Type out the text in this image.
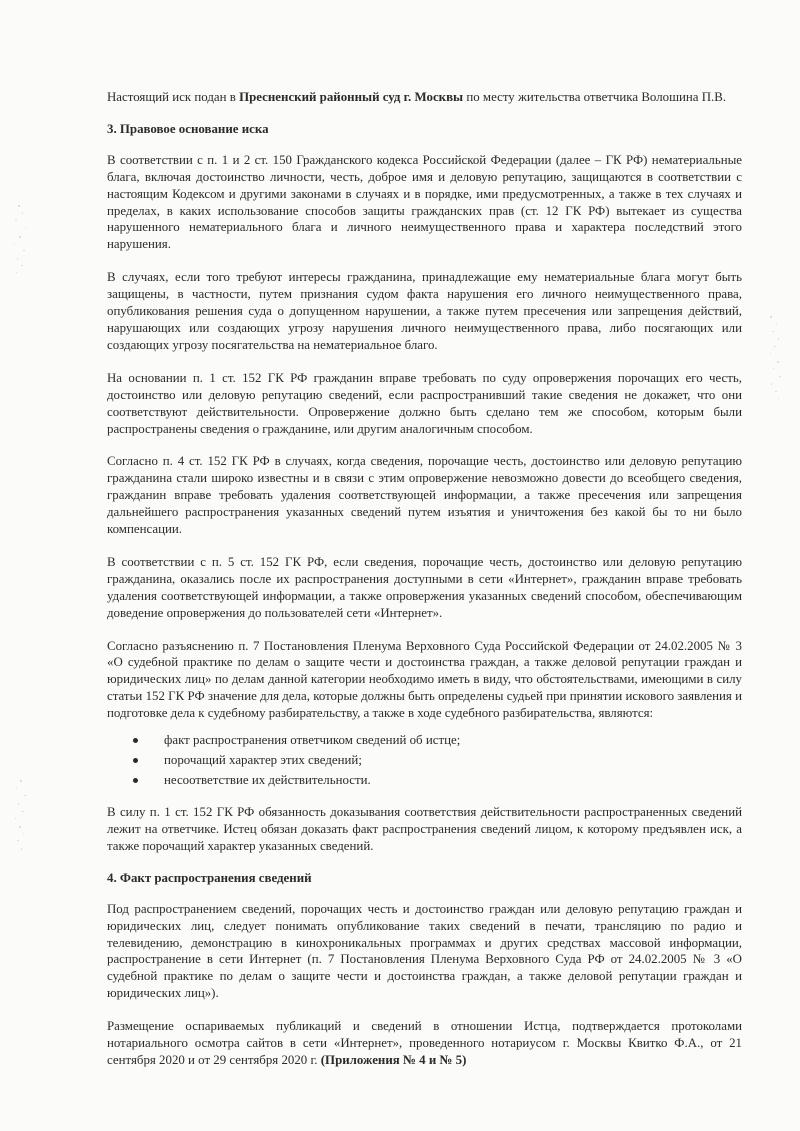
Настоящий иск подан в Пресненский районный суд г. Москвы по месту жительства ответчика Волошина П.В.

3. Правовое основание иска

В соответствии с п. 1 и 2 ст. 150 Гражданского кодекса Российской Федерации (далее – ГК РФ) нематериальные блага, включая достоинство личности, честь, доброе имя и деловую репутацию, защищаются в соответствии с настоящим Кодексом и другими законами в случаях и в порядке, ими предусмотренных, а также в тех случаях и пределах, в каких использование способов защиты гражданских прав (ст. 12 ГК РФ) вытекает из существа нарушенного нематериального блага и личного неимущественного права и характера последствий этого нарушения.

В случаях, если того требуют интересы гражданина, принадлежащие ему нематериальные блага могут быть защищены, в частности, путем признания судом факта нарушения его личного неимущественного права, опубликования решения суда о допущенном нарушении, а также путем пресечения или запрещения действий, нарушающих или создающих угрозу нарушения личного неимущественного права, либо посягающих или создающих угрозу посягательства на нематериальное благо.

На основании п. 1 ст. 152 ГК РФ гражданин вправе требовать по суду опровержения порочащих его честь, достоинство или деловую репутацию сведений, если распространивший такие сведения не докажет, что они соответствуют действительности. Опровержение должно быть сделано тем же способом, которым были распространены сведения о гражданине, или другим аналогичным способом.

Согласно п. 4 ст. 152 ГК РФ в случаях, когда сведения, порочащие честь, достоинство или деловую репутацию гражданина стали широко известны и в связи с этим опровержение невозможно довести до всеобщего сведения, гражданин вправе требовать удаления соответствующей информации, а также пресечения или запрещения дальнейшего распространения указанных сведений путем изъятия и уничтожения без какой бы то ни было компенсации.

В соответствии с п. 5 ст. 152 ГК РФ, если сведения, порочащие честь, достоинство или деловую репутацию гражданина, оказались после их распространения доступными в сети «Интернет», гражданин вправе требовать удаления соответствующей информации, а также опровержения указанных сведений способом, обеспечивающим доведение опровержения до пользователей сети «Интернет».

Согласно разъяснению п. 7 Постановления Пленума Верховного Суда Российской Федерации от 24.02.2005 № 3 «О судебной практике по делам о защите чести и достоинства граждан, а также деловой репутации граждан и юридических лиц» по делам данной категории необходимо иметь в виду, что обстоятельствами, имеющими в силу статьи 152 ГК РФ значение для дела, которые должны быть определены судьей при принятии искового заявления и подготовке дела к судебному разбирательству, а также в ходе судебного разбирательства, являются:

факт распространения ответчиком сведений об истце;
порочащий характер этих сведений;
несоответствие их действительности.

В силу п. 1 ст. 152 ГК РФ обязанность доказывания соответствия действительности распространенных сведений лежит на ответчике. Истец обязан доказать факт распространения сведений лицом, к которому предъявлен иск, а также порочащий характер указанных сведений.

4. Факт распространения сведений

Под распространением сведений, порочащих честь и достоинство граждан или деловую репутацию граждан и юридических лиц, следует понимать опубликование таких сведений в печати, трансляцию по радио и телевидению, демонстрацию в кинохроникальных программах и других средствах массовой информации, распространение в сети Интернет (п. 7 Постановления Пленума Верховного Суда РФ от 24.02.2005 № 3 «О судебной практике по делам о защите чести и достоинства граждан, а также деловой репутации граждан и юридических лиц»).

Размещение оспариваемых публикаций и сведений в отношении Истца, подтверждается протоколами нотариального осмотра сайтов в сети «Интернет», проведенного нотариусом г. Москвы Квитко Ф.А., от 21 сентября 2020 и от 29 сентября 2020 г. (Приложения № 4 и № 5)
